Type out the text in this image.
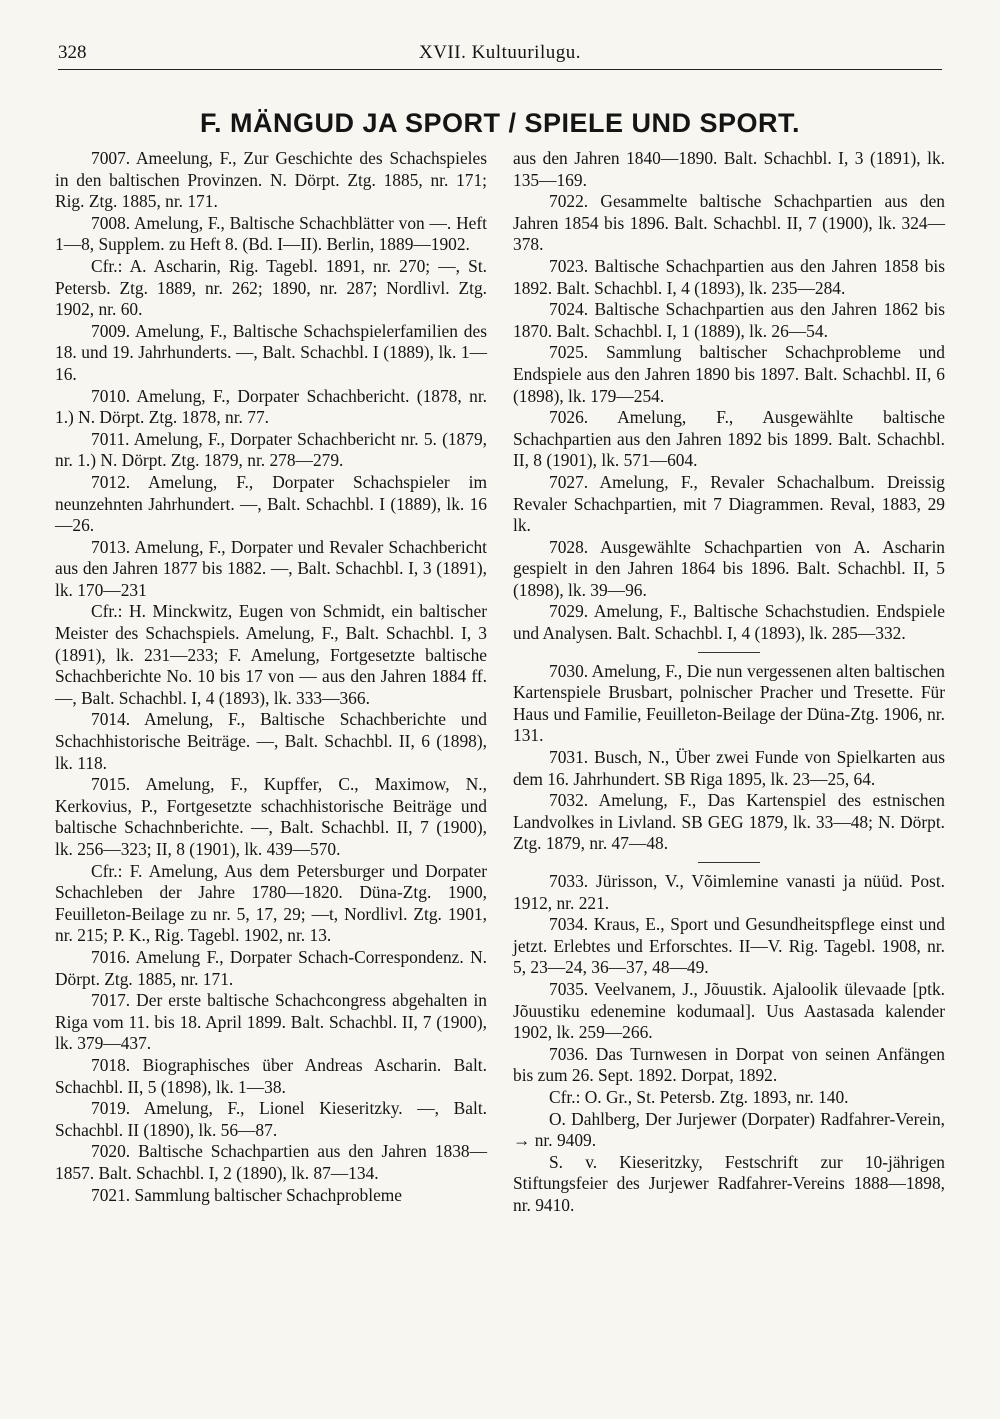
328	XVII. Kultuurilugu.
F. MÄNGUD JA SPORT / SPIELE UND SPORT.

7007. Ameelung, F., Zur Geschichte des Schachspieles in den baltischen Provinzen. N. Dörpt. Ztg. 1885, nr. 171; Rig. Ztg. 1885, nr. 171.

7008. Amelung, F., Baltische Schachblätter von —. Heft 1—8, Supplem. zu Heft 8. (Bd. I—II). Berlin, 1889—1902.

Cfr.: A. Ascharin, Rig. Tagebl. 1891, nr. 270; —, St. Petersb. Ztg. 1889, nr. 262; 1890, nr. 287; Nordlivl. Ztg. 1902, nr. 60.

7009. Amelung, F., Baltische Schachspielerfamilien des 18. und 19. Jahrhunderts. —, Balt. Schachbl. I (1889), lk. 1—16.

7010. Amelung, F., Dorpater Schachbericht. (1878, nr. 1.) N. Dörpt. Ztg. 1878, nr. 77.

7011. Amelung, F., Dorpater Schachbericht nr. 5. (1879, nr. 1.) N. Dörpt. Ztg. 1879, nr. 278—279.

7012. Amelung, F., Dorpater Schachspieler im neunzehnten Jahrhundert. —, Balt. Schachbl. I (1889), lk. 16—26.

7013. Amelung, F., Dorpater und Revaler Schachbericht aus den Jahren 1877 bis 1882. —, Balt. Schachbl. I, 3 (1891), lk. 170—231

Cfr.: H. Minckwitz, Eugen von Schmidt, ein baltischer Meister des Schachspiels. Amelung, F., Balt. Schachbl. I, 3 (1891), lk. 231—233; F. Amelung, Fortgesetzte baltische Schachberichte No. 10 bis 17 von — aus den Jahren 1884 ff. —, Balt. Schachbl. I, 4 (1893), lk. 333—366.

7014. Amelung, F., Baltische Schachberichte und Schachhistorische Beiträge. —, Balt. Schachbl. II, 6 (1898), lk. 118.

7015. Amelung, F., Kupffer, C., Maximow, N., Kerkovius, P., Fortgesetzte schachhistorische Beiträge und baltische Schachnberichte. —, Balt. Schachbl. II, 7 (1900), lk. 256—323; II, 8 (1901), lk. 439—570.

Cfr.: F. Amelung, Aus dem Petersburger und Dorpater Schachleben der Jahre 1780—1820. Düna-Ztg. 1900, Feuilleton-Beilage zu nr. 5, 17, 29; —t, Nordlivl. Ztg. 1901, nr. 215; P. K., Rig. Tagebl. 1902, nr. 13.

7016. Amelung F., Dorpater Schach-Correspondenz. N. Dörpt. Ztg. 1885, nr. 171.

7017. Der erste baltische Schachcongress abgehalten in Riga vom 11. bis 18. April 1899. Balt. Schachbl. II, 7 (1900), lk. 379—437.

7018. Biographisches über Andreas Ascharin. Balt. Schachbl. II, 5 (1898), lk. 1—38.

7019. Amelung, F., Lionel Kieseritzky. —, Balt. Schachbl. II (1890), lk. 56—87.

7020. Baltische Schachpartien aus den Jahren 1838—1857. Balt. Schachbl. I, 2 (1890), lk. 87—134.

7021. Sammlung baltischer Schachprobleme

aus den Jahren 1840—1890. Balt. Schachbl. I, 3 (1891), lk. 135—169.

7022. Gesammelte baltische Schachpartien aus den Jahren 1854 bis 1896. Balt. Schachbl. II, 7 (1900), lk. 324—378.

7023. Baltische Schachpartien aus den Jahren 1858 bis 1892. Balt. Schachbl. I, 4 (1893), lk. 235—284.

7024. Baltische Schachpartien aus den Jahren 1862 bis 1870. Balt. Schachbl. I, 1 (1889), lk. 26—54.

7025. Sammlung baltischer Schachprobleme und Endspiele aus den Jahren 1890 bis 1897. Balt. Schachbl. II, 6 (1898), lk. 179—254.

7026. Amelung, F., Ausgewählte baltische Schachpartien aus den Jahren 1892 bis 1899. Balt. Schachbl. II, 8 (1901), lk. 571—604.

7027. Amelung, F., Revaler Schachalbum. Dreissig Revaler Schachpartien, mit 7 Diagrammen. Reval, 1883, 29 lk.

7028. Ausgewählte Schachpartien von A. Ascharin gespielt in den Jahren 1864 bis 1896. Balt. Schachbl. II, 5 (1898), lk. 39—96.

7029. Amelung, F., Baltische Schachstudien. Endspiele und Analysen. Balt. Schachbl. I, 4 (1893), lk. 285—332.

7030. Amelung, F., Die nun vergessenen alten baltischen Kartenspiele Brusbart, polnischer Pracher und Tresette. Für Haus und Familie, Feuilleton-Beilage der Düna-Ztg. 1906, nr. 131.

7031. Busch, N., Über zwei Funde von Spielkarten aus dem 16. Jahrhundert. SB Riga 1895, lk. 23—25, 64.

7032. Amelung, F., Das Kartenspiel des estnischen Landvolkes in Livland. SB GEG 1879, lk. 33—48; N. Dörpt. Ztg. 1879, nr. 47—48.

7033. Jürisson, V., Võimlemine vanasti ja nüüd. Post. 1912, nr. 221.

7034. Kraus, E., Sport und Gesundheitspflege einst und jetzt. Erlebtes und Erforschtes. II—V. Rig. Tagebl. 1908, nr. 5, 23—24, 36—37, 48—49.

7035. Veelvanem, J., Jõuustik. Ajaloolik ülevaade [ptk. Jõuustiku edenemine kodumaal]. Uus Aastasada kalender 1902, lk. 259—266.

7036. Das Turnwesen in Dorpat von seinen Anfängen bis zum 26. Sept. 1892. Dorpat, 1892.

Cfr.: O. Gr., St. Petersb. Ztg. 1893, nr. 140.

O. Dahlberg, Der Jurjewer (Dorpater) Radfahrer-Verein, → nr. 9409.

S. v. Kieseritzky, Festschrift zur 10-jährigen Stiftungsfeier des Jurjewer Radfahrer-Vereins 1888—1898, nr. 9410.
